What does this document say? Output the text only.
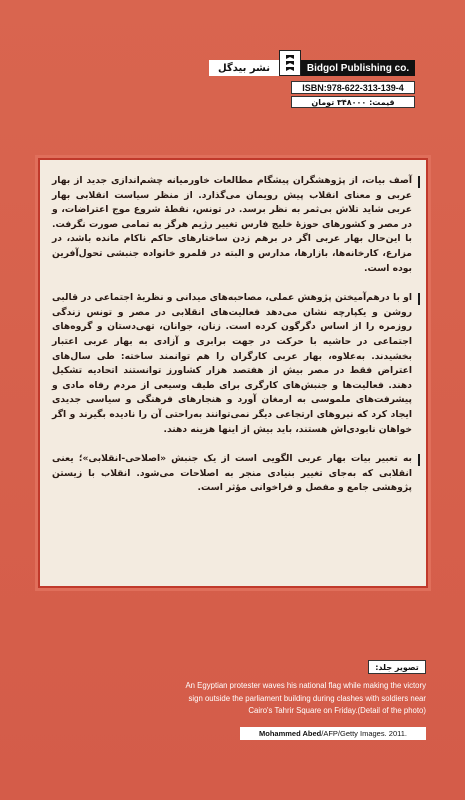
نشر بیدگل	Bidgol Publishing co.
ISBN:978-622-313-139-4
قیمت: ۳۴۸۰۰۰ تومان

آصف بیات، از پژوهشگران پیشگام مطالعات خاورمیانه چشم‌اندازی جدید از بهار عربی و معنای انقلاب پیش رویمان می‌گذارد. از منظر سیاست انقلابی بهار عربی شاید تلاش بی‌ثمر به نظر برسد. در تونس، نقطهٔ شروع موج اعتراضات، و در مصر و کشورهای حوزهٔ خلیج فارس تغییر رژیم هرگز به تمامی صورت نگرفت. با این‌حال بهار عربی اگر در برهم زدن ساختارهای حاکم ناکام مانده باشد، در مزارع، کارخانه‌ها، بازارها، مدارس و البته در قلمرو خانواده جنبشی تحول‌آفرین بوده است.

او با درهم‌آمیختن پژوهش عملی، مصاحبه‌های میدانی و نظریهٔ اجتماعی در قالبی روشن و یکپارچه نشان می‌دهد فعالیت‌های انقلابی در مصر و تونس زندگی روزمره را از اساس دگرگون کرده است. زنان، جوانان، تهی‌دستان و گروه‌های اجتماعی در حاشیه با حرکت در جهت برابری و آزادی به بهار عربی اعتبار بخشیدند. به‌علاوه، بهار عربی کارگران را هم توانمند ساخته: طی سال‌های اعتراض فقط در مصر بیش از هفتصد هزار کشاورز توانستند اتحادیه تشکیل دهند. فعالیت‌ها و جنبش‌های کارگری برای طیف وسیعی از مردم رفاه مادی و پیشرفت‌های ملموسی به ارمغان آورد و هنجارهای فرهنگی و سیاسی جدیدی ایجاد کرد که نیروهای ارتجاعی دیگر نمی‌توانند به‌راحتی آن را نادیده بگیرند و اگر خواهان نابودی‌اش هستند، باید بیش از اینها هزینه دهند.

به تعبیر بیات بهار عربی الگویی است از یک جنبش «اصلاحی-انقلابی»؛ یعنی انقلابی که به‌جای تغییر بنیادی منجر به اصلاحات می‌شود. انقلاب با زیستن پژوهشی جامع و مفصل و فراخوانی مؤثر است.

تصویر جلد:
An Egyptian protester waves his national flag while making the victory sign outside the parliament building during clashes with soldiers near Cairo's Tahrir Square on Friday.(Detail of the photo)
Mohammed Abed /AFP/Getty Images. 2011.
